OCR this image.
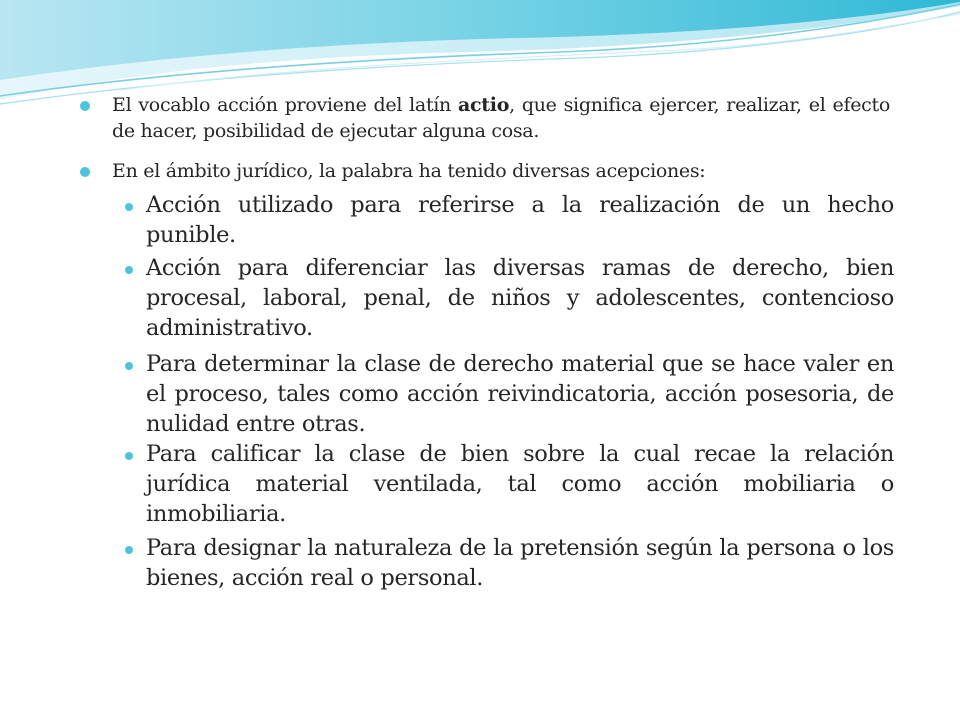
El vocablo acción proviene del latín actio, que significa ejercer, realizar, el efecto de hacer, posibilidad de ejecutar alguna cosa.

En el ámbito jurídico, la palabra ha tenido diversas acepciones:

Acción utilizado para referirse a la realización de un hecho punible.

Acción para diferenciar las diversas ramas de derecho, bien procesal, laboral, penal, de niños y adolescentes, contencioso administrativo.

Para determinar la clase de derecho material que se hace valer en el proceso, tales como acción reivindicatoria, acción posesoria, de nulidad entre otras.

Para calificar la clase de bien sobre la cual recae la relación jurídica material ventilada, tal como acción mobiliaria o inmobiliaria.

Para designar la naturaleza de la pretensión según la persona o los bienes, acción real o personal.
